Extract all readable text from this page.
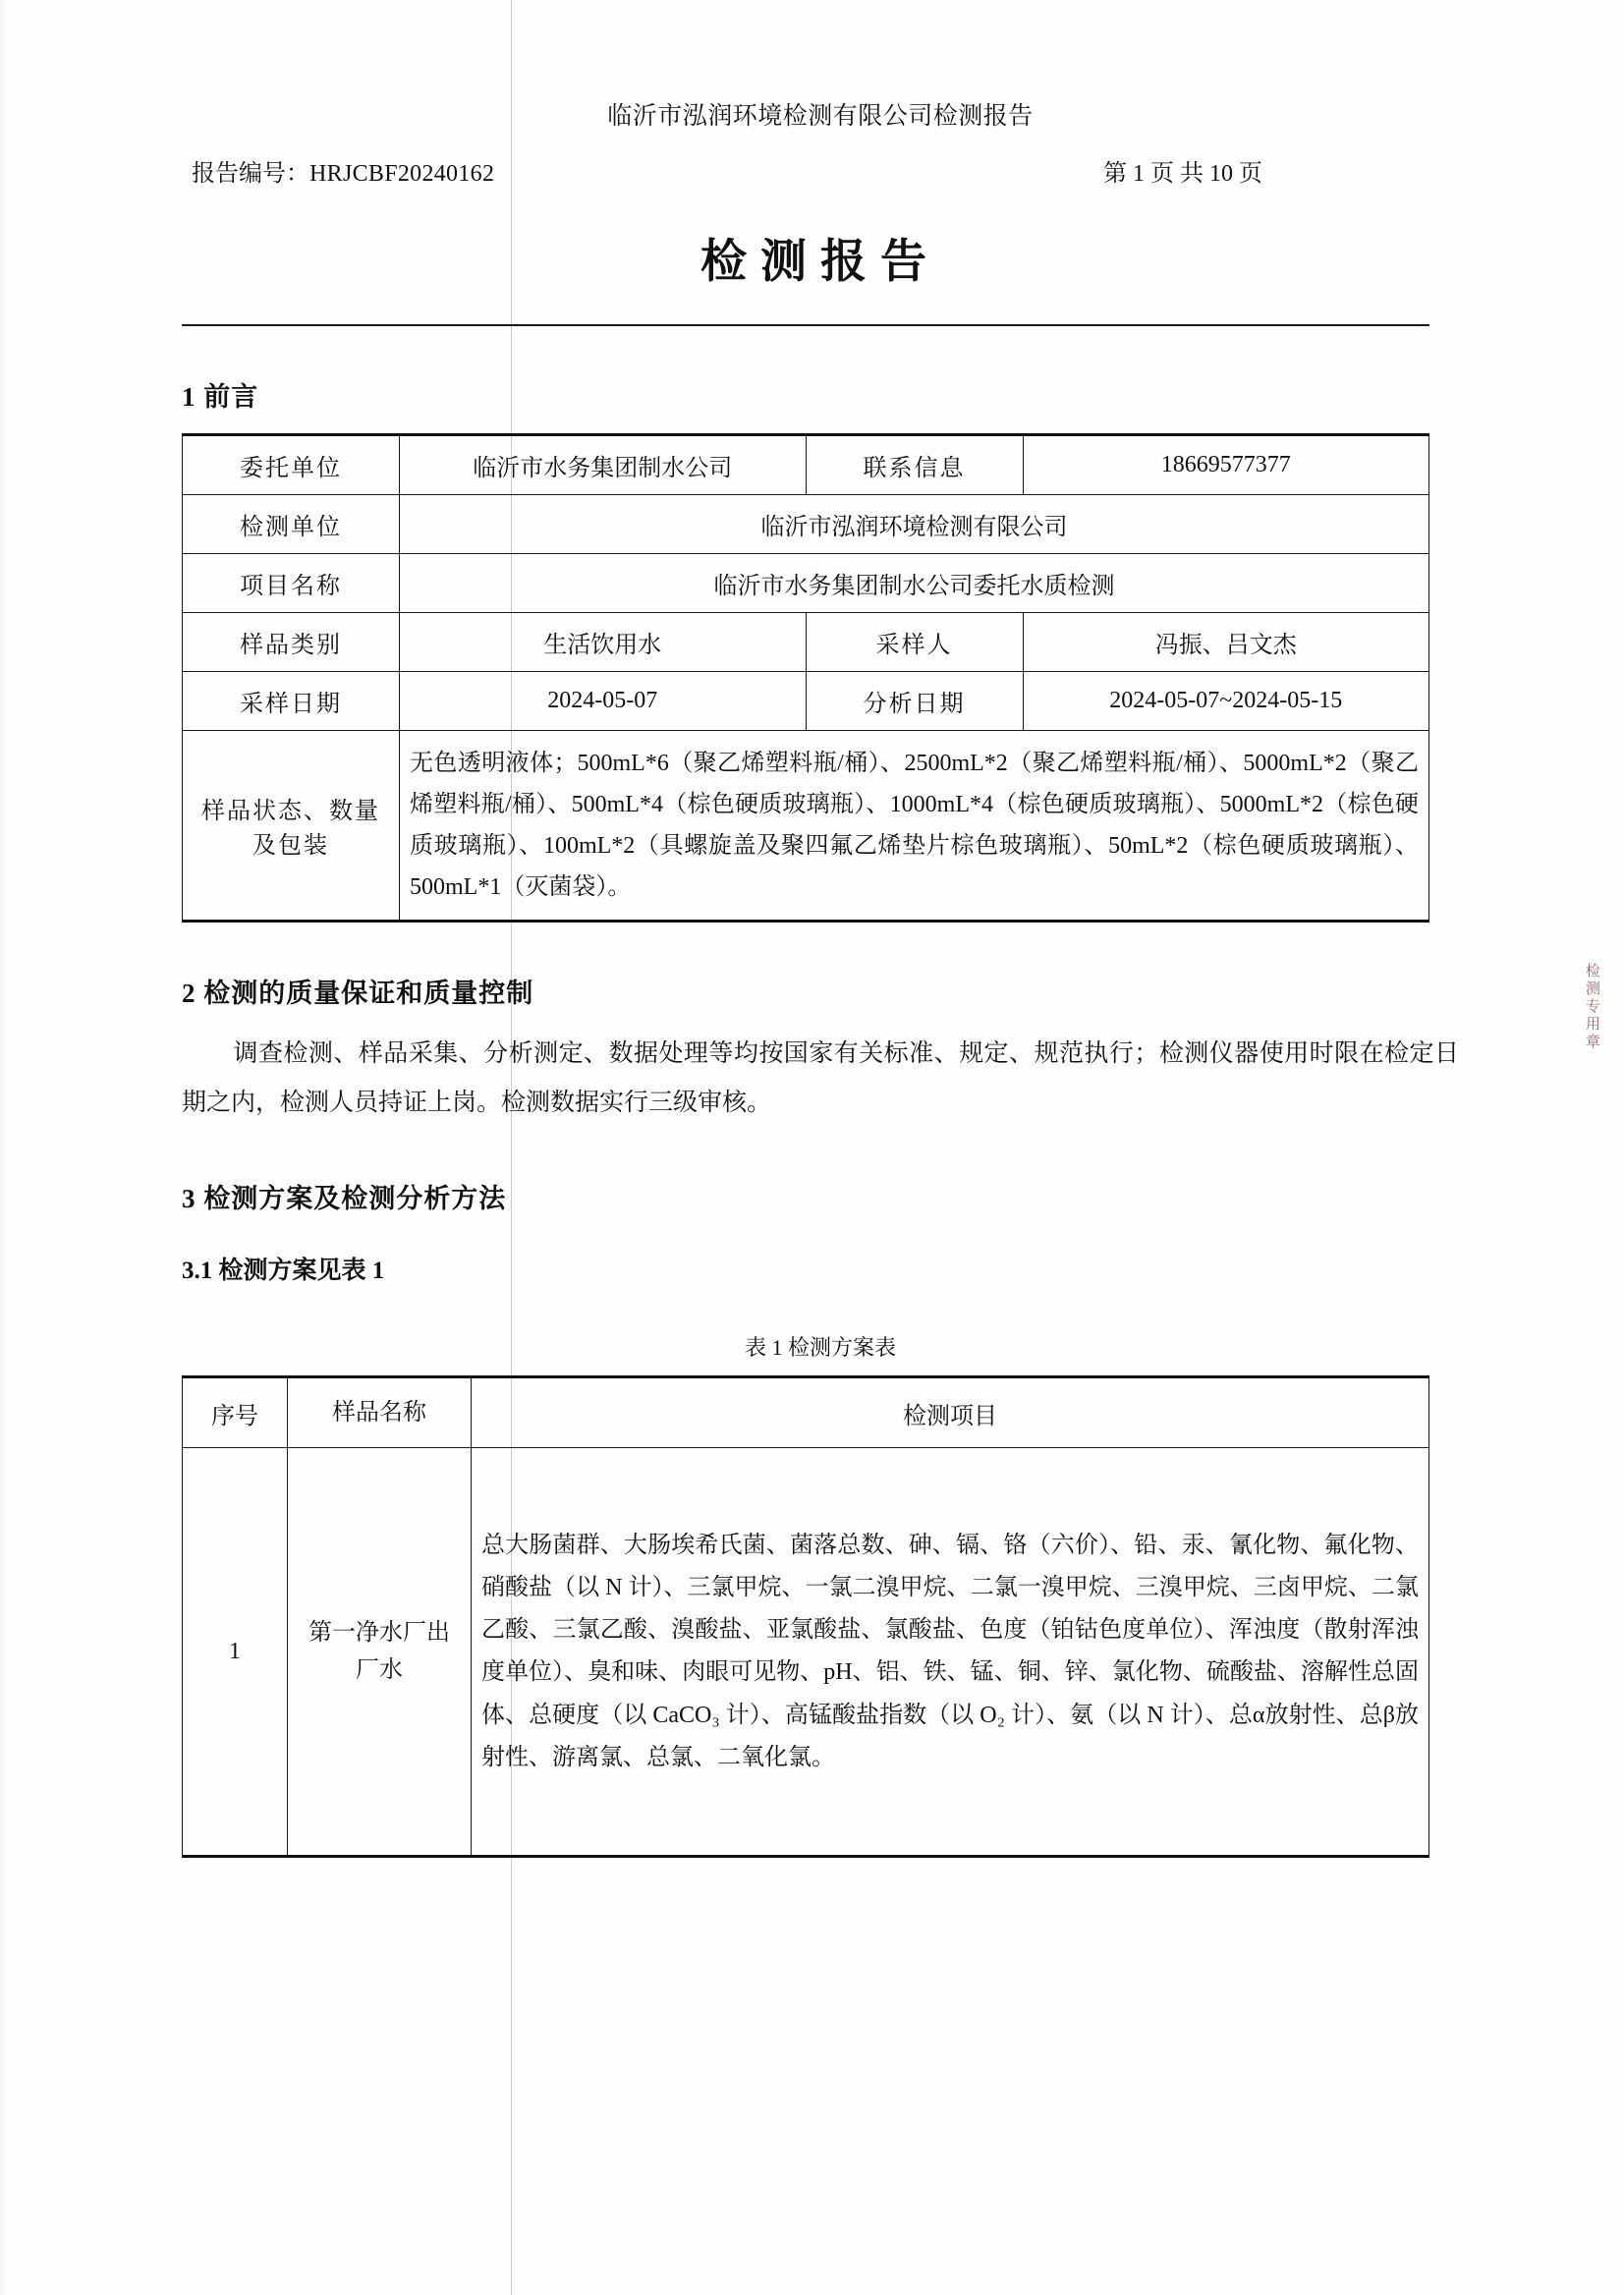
检测专用章
临沂市泓润环境检测有限公司检测报告
报告编号：HRJCBF20240162	第 1 页 共 10 页
检测报告
1 前言
委托单位	临沂市水务集团制水公司	联系信息	18669577377
检测单位	临沂市泓润环境检测有限公司		
项目名称	临沂市水务集团制水公司委托水质检测		
样品类别	生活饮用水	采样人	冯振、吕文杰
采样日期	2024-05-07	分析日期	2024-05-07~2024-05-15
样品状态、数量及包装	无色透明液体；500mL*6（聚乙烯塑料瓶/桶）、2500mL*2（聚乙烯塑料瓶/桶）、5000mL*2（聚乙烯塑料瓶/桶）、500mL*4（棕色硬质玻璃瓶）、1000mL*4（棕色硬质玻璃瓶）、5000mL*2（棕色硬质玻璃瓶）、100mL*2（具螺旋盖及聚四氟乙烯垫片棕色玻璃瓶）、50mL*2（棕色硬质玻璃瓶）、500mL*1（灭菌袋）。		
2 检测的质量保证和质量控制

调查检测、样品采集、分析测定、数据处理等均按国家有关标准、规定、规范执行；检测仪器使用时限在检定日期之内，检测人员持证上岗。检测数据实行三级审核。

3 检测方案及检测分析方法
3.1 检测方案见表 1
表 1 检测方案表
序号	样品名称	检测项目
1	第一净水厂出厂水	总大肠菌群、大肠埃希氏菌、菌落总数、砷、镉、铬（六价）、铅、汞、氰化物、氟化物、硝酸盐（以 N 计）、三氯甲烷、一氯二溴甲烷、二氯一溴甲烷、三溴甲烷、三卤甲烷、二氯乙酸、三氯乙酸、溴酸盐、亚氯酸盐、氯酸盐、色度（铂钴色度单位）、浑浊度（散射浑浊度单位）、臭和味、肉眼可见物、pH、铝、铁、锰、铜、锌、氯化物、硫酸盐、溶解性总固体、总硬度（以 CaCO₃ 计）、高锰酸盐指数（以 O₂ 计）、氨（以 N 计）、总α放射性、总β放射性、游离氯、总氯、二氧化氯。
